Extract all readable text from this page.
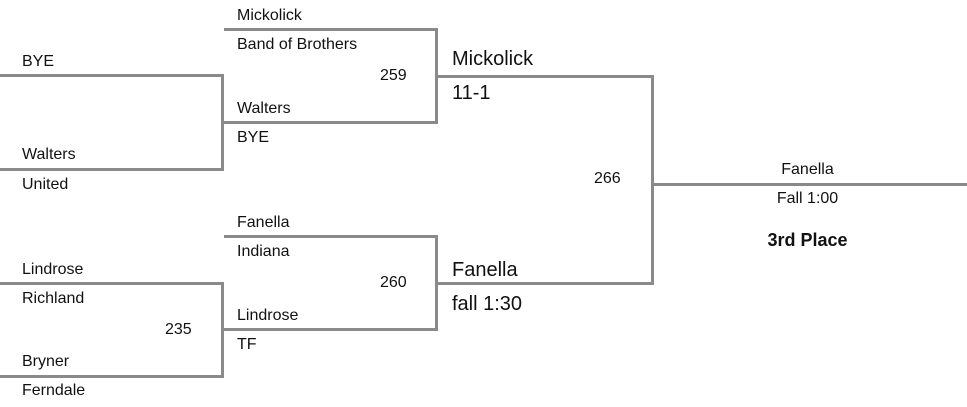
BYE
Walters
United
Lindrose
Richland
235
Bryner
Ferndale
Mickolick
Band of Brothers
259
Walters
BYE
Fanella
Indiana
260
Lindrose
TF
Mickolick
11-1
266
Fanella
fall 1:30
Fanella
Fall 1:00
3rd Place
